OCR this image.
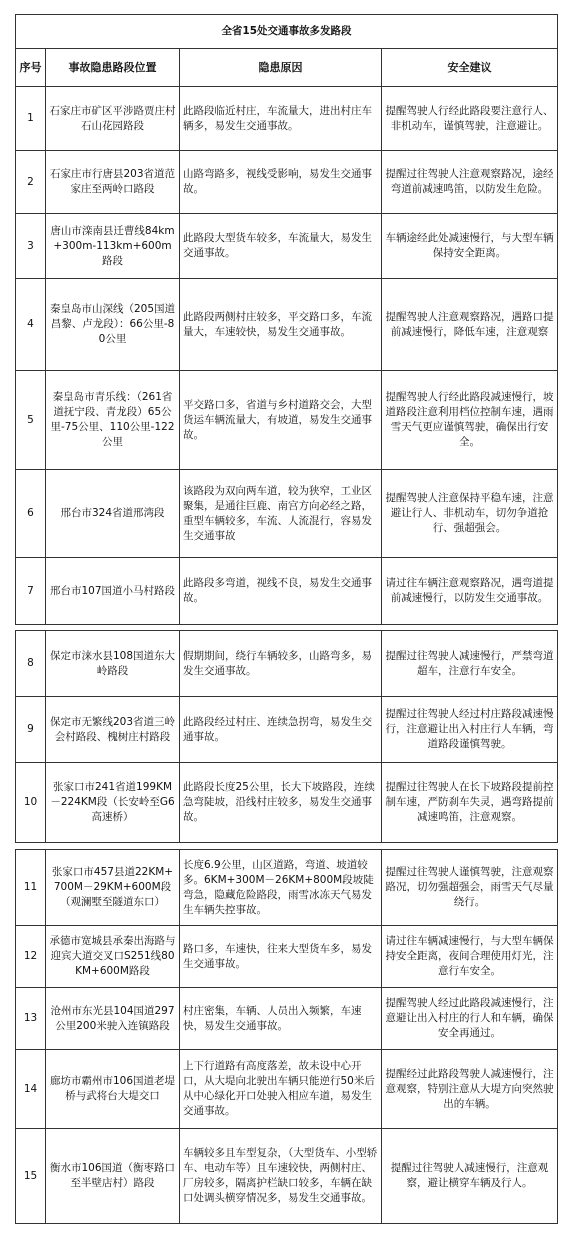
全省15处交通事故多发路段			
序号	事故隐患路段位置	隐患原因	安全建议
1	石家庄市矿区平涉路贾庄村石山花园路段	此路段临近村庄，车流量大，进出村庄车辆多，易发生交通事故。	提醒驾驶人行经此路段要注意行人、非机动车，谨慎驾驶，注意避让。
2	石家庄市行唐县203省道范家庄至两岭口路段	山路弯路多，视线受影响，易发生交通事故。	提醒过往驾驶人注意观察路况，途经弯道前减速鸣笛，以防发生危险。
3	唐山市滦南县迁曹线84km+300m-113km+600m路段	此路段大型货车较多，车流量大，易发生交通事故。	车辆途经此处减速慢行，与大型车辆保持安全距离。
4	秦皇岛市山深线（205国道昌黎、卢龙段）：66公里-80公里	此路段两侧村庄较多，平交路口多，车流量大，车速较快，易发生交通事故。	提醒驾驶人注意观察路况，遇路口提前减速慢行，降低车速，注意观察
5	秦皇岛市青乐线：（261省道抚宁段、青龙段）65公里-75公里、110公里-122公里	平交路口多，省道与乡村道路交会，大型货运车辆流量大，有坡道，易发生交通事故。	提醒驾驶人行经此路段减速慢行，坡道路段注意利用档位控制车速，遇雨雪天气更应谨慎驾驶，确保出行安全。
6	邢台市324省道邢湾段	该路段为双向两车道，较为狭窄，工业区聚集，是通往巨鹿、南宫方向必经之路，重型车辆较多，车流、人流混行，容易发生交通事故	提醒驾驶人注意保持平稳车速，注意避让行人、非机动车，切勿争道抢行、强超强会。
7	邢台市107国道小马村路段	此路段多弯道，视线不良，易发生交通事故。	请过往车辆注意观察路况，遇弯道提前减速慢行，以防发生交通事故。
8	保定市涞水县108国道东大岭路段	假期期间，绕行车辆较多，山路弯多，易发生交通事故。	提醒过往驾驶人减速慢行，严禁弯道超车，注意行车安全。
9	保定市无繁线203省道三岭会村路段、槐树庄村路段	此路段经过村庄、连续急拐弯，易发生交通事故。	提醒过往驾驶人经过村庄路段减速慢行，注意避让出入村庄行人车辆，弯道路段谨慎驾驶。
10	张家口市241省道199KM－224KM段（长安岭至G6高速桥）	此路段长度25公里，长大下坡路段，连续急弯陡坡，沿线村庄较多，易发生交通事故。	提醒过往驾驶人在长下坡路段提前控制车速，严防刹车失灵，遇弯路提前减速鸣笛，注意观察。
11	张家口市457县道22KM+700M－29KM+600M段（观澜墅至隧道东口）	长度6.9公里，山区道路，弯道、坡道较多。6KM+300M－26KM+800M段坡陡弯急，隐藏危险路段，雨雪冰冻天气易发生车辆失控事故。	提醒过往驾驶人谨慎驾驶，注意观察路况，切勿强超强会，雨雪天气尽量绕行。
12	承德市宽城县承秦出海路与迎宾大道交叉口S251线80KM+600M路段	路口多，车速快，往来大型货车多，易发生交通事故。	请过往车辆减速慢行，与大型车辆保持安全距离，夜间合理使用灯光，注意行车安全。
13	沧州市东光县104国道297公里200米驶入连镇路段	村庄密集，车辆、人员出入频繁，车速快，易发生交通事故。	提醒驾驶人经过此路段减速慢行，注意避让出入村庄的行人和车辆，确保安全再通过。
14	廊坊市霸州市106国道老堤桥与武将台大堤交口	上下行道路有高度落差，故未设中心开口，从大堤向北驶出车辆只能逆行50米后从中心绿化开口处驶入相应车道，易发生交通事故。	提醒经过此路段驾驶人减速慢行，注意观察，特别注意从大堤方向突然驶出的车辆。
15	衡水市106国道（衡枣路口至半壁店村）路段	车辆较多且车型复杂，（大型货车、小型轿车、电动车等）且车速较快，两侧村庄、厂房较多，隔离护栏缺口较多，车辆在缺口处调头横穿情况多，易发生交通事故。	提醒过往驾驶人减速慢行，注意观察，避让横穿车辆及行人。
